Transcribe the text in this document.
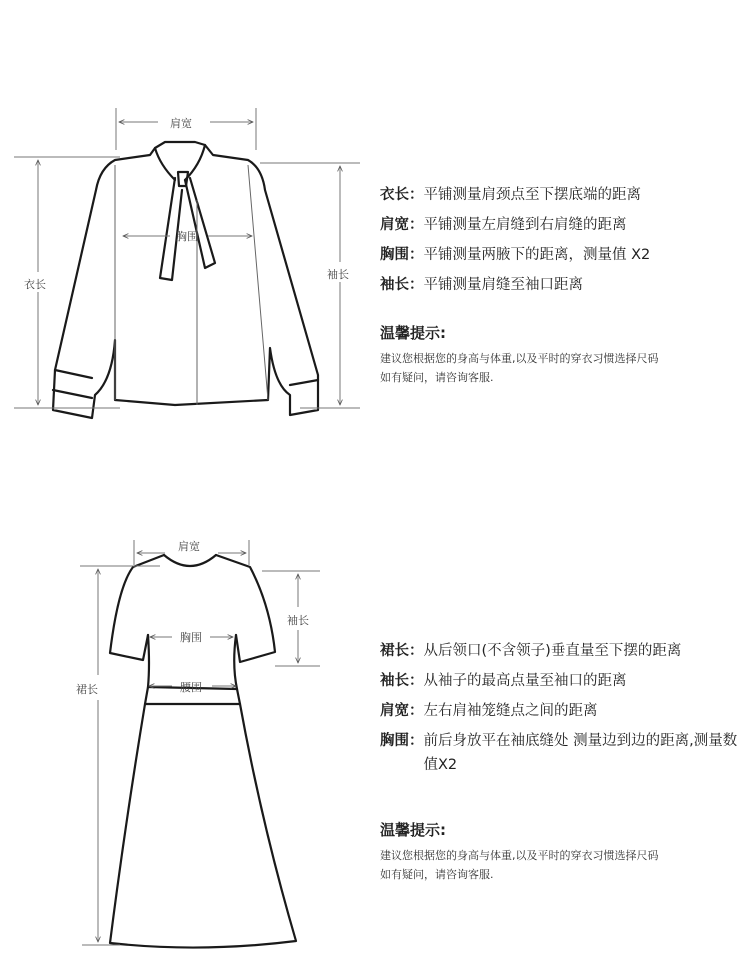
肩宽
胸围
衣长
袖长
衣长： 平铺测量肩颈点至下摆底端的距离
肩宽： 平铺测量左肩缝到右肩缝的距离
胸围： 平铺测量两腋下的距离，测量值 X2
袖长： 平铺测量肩缝至袖口距离
温馨提示:
建议您根据您的身高与体重,以及平时的穿衣习惯选择尺码
如有疑问，请咨询客服.
肩宽
胸围
腰围
袖长
裙长
裙长： 从后领口(不含领子)垂直量至下摆的距离
袖长： 从袖子的最高点量至袖口的距离
肩宽： 左右肩袖笼缝点之间的距离
胸围： 前后身放平在袖底缝处 测量边到边的距离,测量数值X2
温馨提示:
建议您根据您的身高与体重,以及平时的穿衣习惯选择尺码
如有疑问，请咨询客服.
